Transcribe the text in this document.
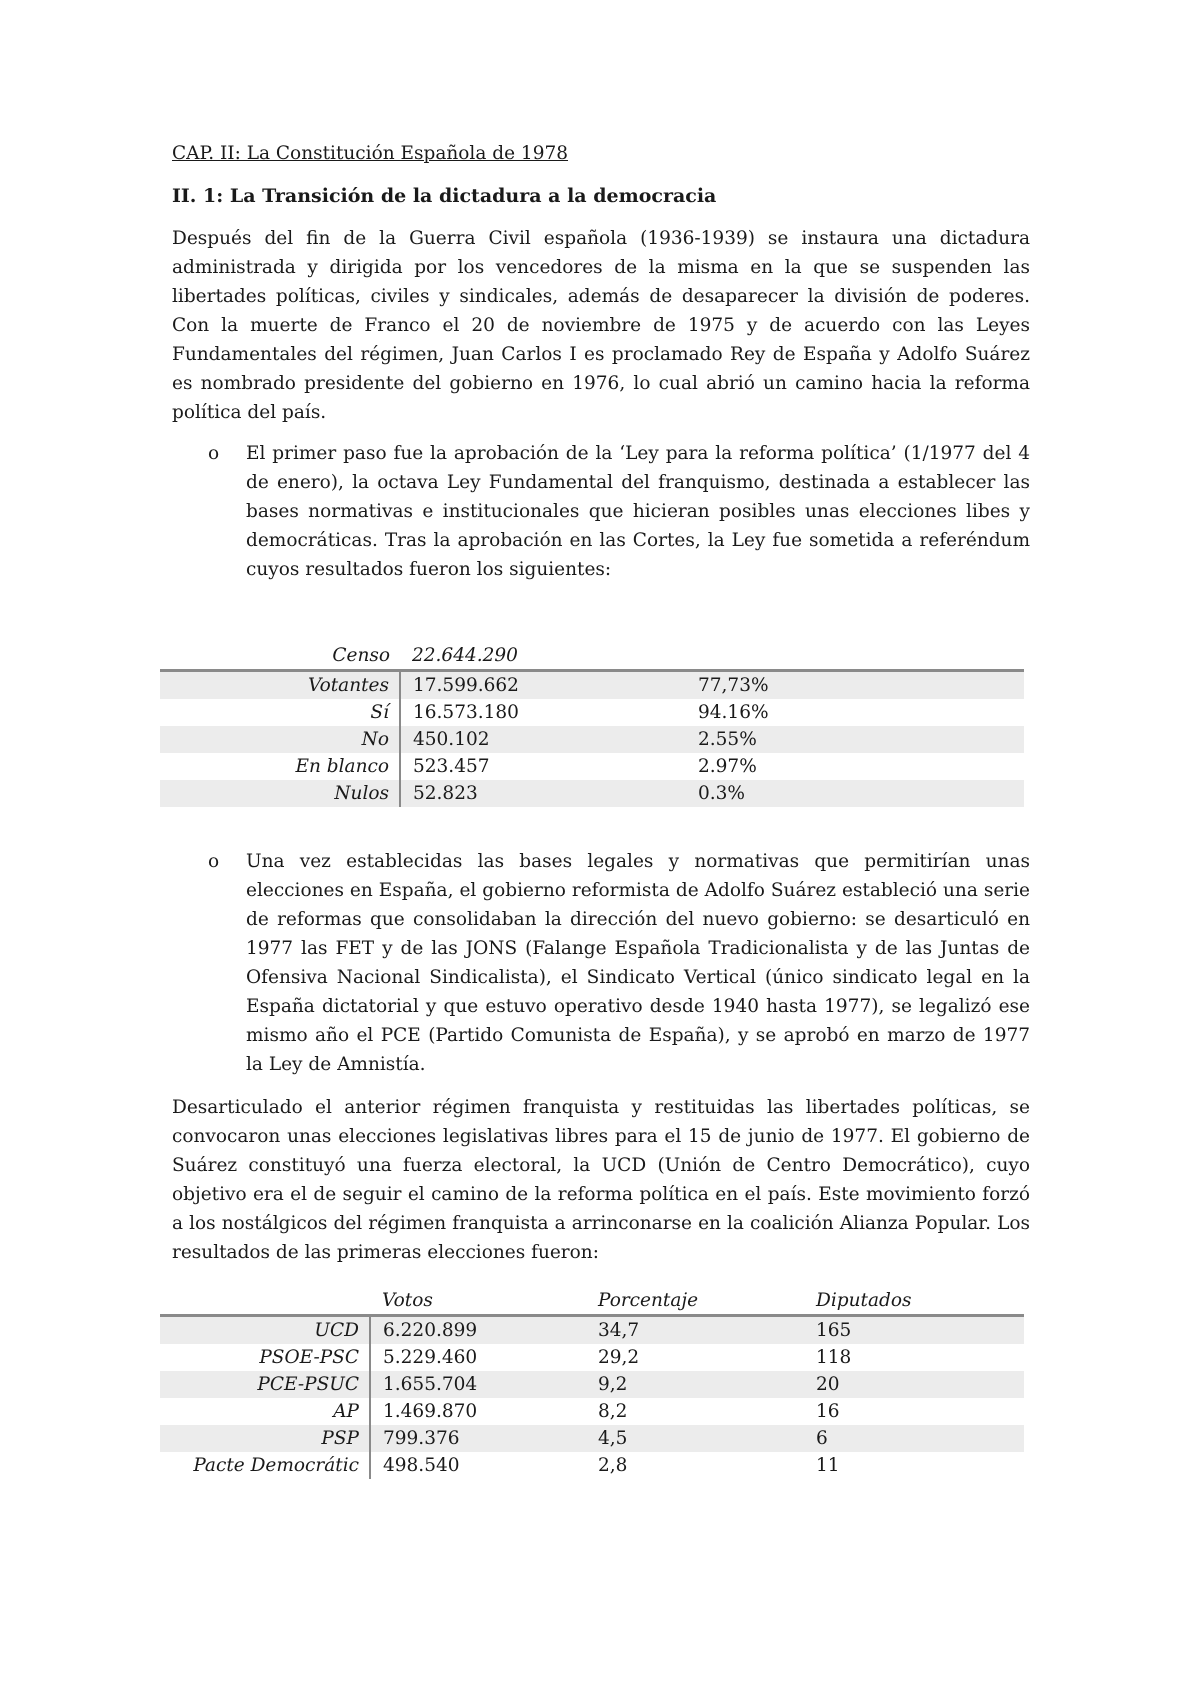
CAP. II: La Constitución Española de 1978

II. 1: La Transición de la dictadura a la democracia

Después del fin de la Guerra Civil española (1936-1939) se instaura una dictadura administrada y dirigida por los vencedores de la misma en la que se suspenden las libertades políticas, civiles y sindicales, además de desaparecer la división de poderes. Con la muerte de Franco el 20 de noviembre de 1975 y de acuerdo con las Leyes Fundamentales del régimen, Juan Carlos I es proclamado Rey de España y Adolfo Suárez es nombrado presidente del gobierno en 1976, lo cual abrió un camino hacia la reforma política del país.

o El primer paso fue la aprobación de la ‘Ley para la reforma política’ (1/1977 del 4 de enero), la octava Ley Fundamental del franquismo, destinada a establecer las bases normativas e institucionales que hicieran posibles unas elecciones libes y democráticas. Tras la aprobación en las Cortes, la Ley fue sometida a referéndum cuyos resultados fueron los siguientes:
Censo	22.644.290	
Votantes	17.599.662	77,73%
Sí	16.573.180	94.16%
No	450.102	2.55%
En blanco	523.457	2.97%
Nulos	52.823	0.3%
o Una vez establecidas las bases legales y normativas que permitirían unas elecciones en España, el gobierno reformista de Adolfo Suárez estableció una serie de reformas que consolidaban la dirección del nuevo gobierno: se desarticuló en 1977 las FET y de las JONS (Falange Española Tradicionalista y de las Juntas de Ofensiva Nacional Sindicalista), el Sindicato Vertical (único sindicato legal en la España dictatorial y que estuvo operativo desde 1940 hasta 1977), se legalizó ese mismo año el PCE (Partido Comunista de España), y se aprobó en marzo de 1977 la Ley de Amnistía.

Desarticulado el anterior régimen franquista y restituidas las libertades políticas, se convocaron unas elecciones legislativas libres para el 15 de junio de 1977. El gobierno de Suárez constituyó una fuerza electoral, la UCD (Unión de Centro Democrático), cuyo objetivo era el de seguir el camino de la reforma política en el país. Este movimiento forzó a los nostálgicos del régimen franquista a arrinconarse en la coalición Alianza Popular. Los resultados de las primeras elecciones fueron:

	Votos	Porcentaje	Diputados
UCD	6.220.899	34,7	165
PSOE-PSC	5.229.460	29,2	118
PCE-PSUC	1.655.704	9,2	20
AP	1.469.870	8,2	16
PSP	799.376	4,5	6
Pacte Democrátic	498.540	2,8	11
